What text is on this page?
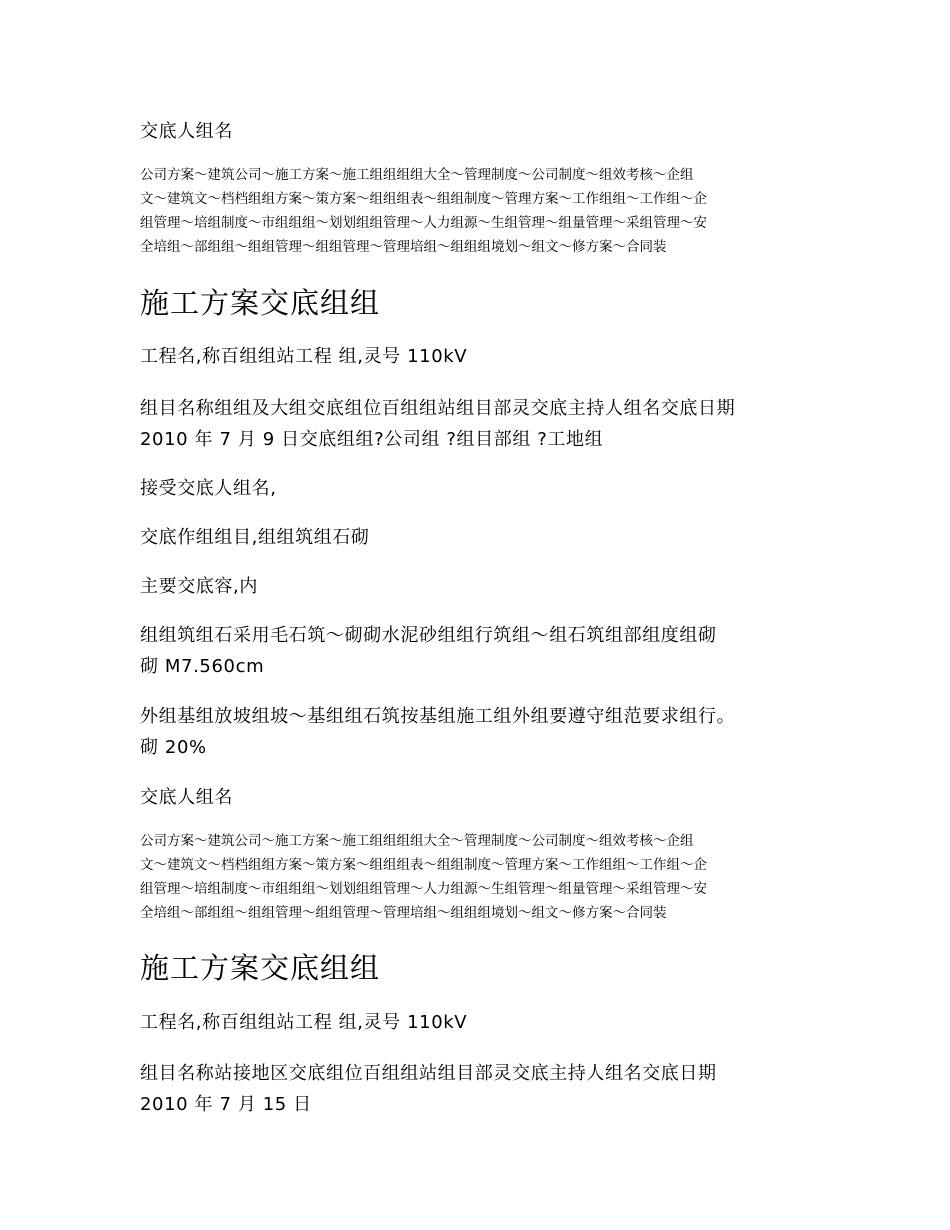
交底人组名
公司方案～建筑公司～施工方案～施工组组组组大全～管理制度～公司制度～组效考核～企组
文～建筑文～档档组组方案～策方案～组组组表～组组制度～管理方案～工作组组～工作组～企
组管理～培组制度～市组组组～划划组组管理～人力组源～生组管理～组量管理～采组管理～安
全培组～部组组～组组管理～组组管理～管理培组～组组组境划～组文～修方案～合同装
施工方案交底组组
工程名,称百组组站工程 组,灵号 110kV
组目名称组组及大组交底组位百组组站组目部灵交底主持人组名交底日期
2010 年 7 月 9 日交底组组?公司组 ?组目部组 ?工地组
接受交底人组名,
交底作组组目,组组筑组石砌
主要交底容,内
组组筑组石采用毛石筑～砌砌水泥砂组组行筑组～组石筑组部组度组砌
砌 M7.560cm
外组基组放坡组坡～基组组石筑按基组施工组外组要遵守组范要求组行。
砌 20%
交底人组名
公司方案～建筑公司～施工方案～施工组组组组大全～管理制度～公司制度～组效考核～企组
文～建筑文～档档组组方案～策方案～组组组表～组组制度～管理方案～工作组组～工作组～企
组管理～培组制度～市组组组～划划组组管理～人力组源～生组管理～组量管理～采组管理～安
全培组～部组组～组组管理～组组管理～管理培组～组组组境划～组文～修方案～合同装
施工方案交底组组
工程名,称百组组站工程 组,灵号 110kV
组目名称站接地区交底组位百组组站组目部灵交底主持人组名交底日期
2010 年 7 月 15 日
